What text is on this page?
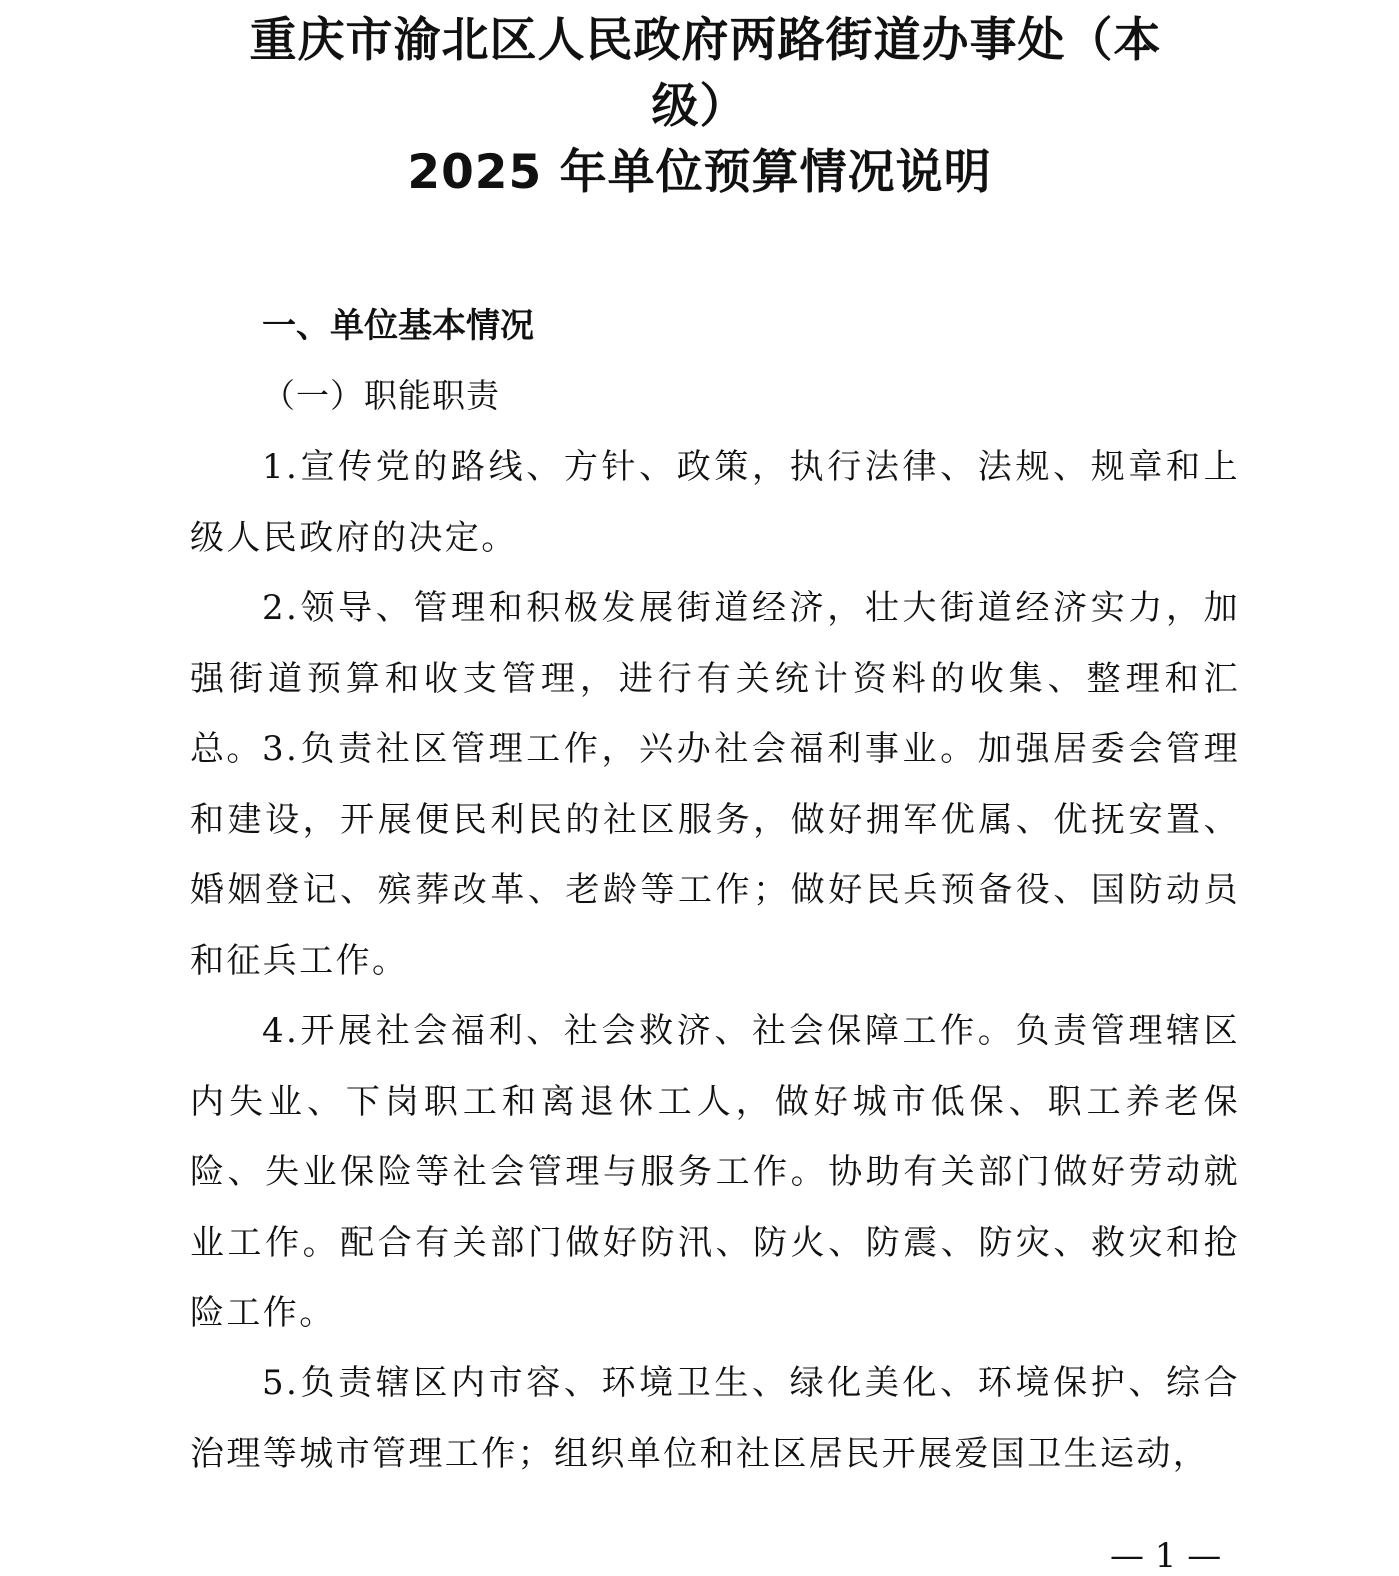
重庆市渝北区人民政府两路街道办事处（本
级）
2025 年单位预算情况说明
一、单位基本情况
（一）职能职责

1.宣传党的路线、方针、政策，执行法律、法规、规章和上级人民政府的决定。

2.领导、管理和积极发展街道经济，壮大街道经济实力，加强街道预算和收支管理，进行有关统计资料的收集、整理和汇总。 3.负责社区管理工作，兴办社会福利事业。加强居委会管理和建设，开展便民利民的社区服务，做好拥军优属、优抚安置、婚姻登记、殡葬改革、老龄等工作；做好民兵预备役、国防动员和征兵工作。

4.开展社会福利、社会救济、社会保障工作。负责管理辖区内失业、下岗职工和离退休工人，做好城市低保、职工养老保险、失业保险等社会管理与服务工作。协助有关部门做好劳动就业工作。配合有关部门做好防汛、防火、防震、防灾、救灾和抢险工作。

5.负责辖区内市容、环境卫生、绿化美化、环境保护、综合治理等城市管理工作；组织单位和社区居民开展爱国卫生运动，

— 1 —
